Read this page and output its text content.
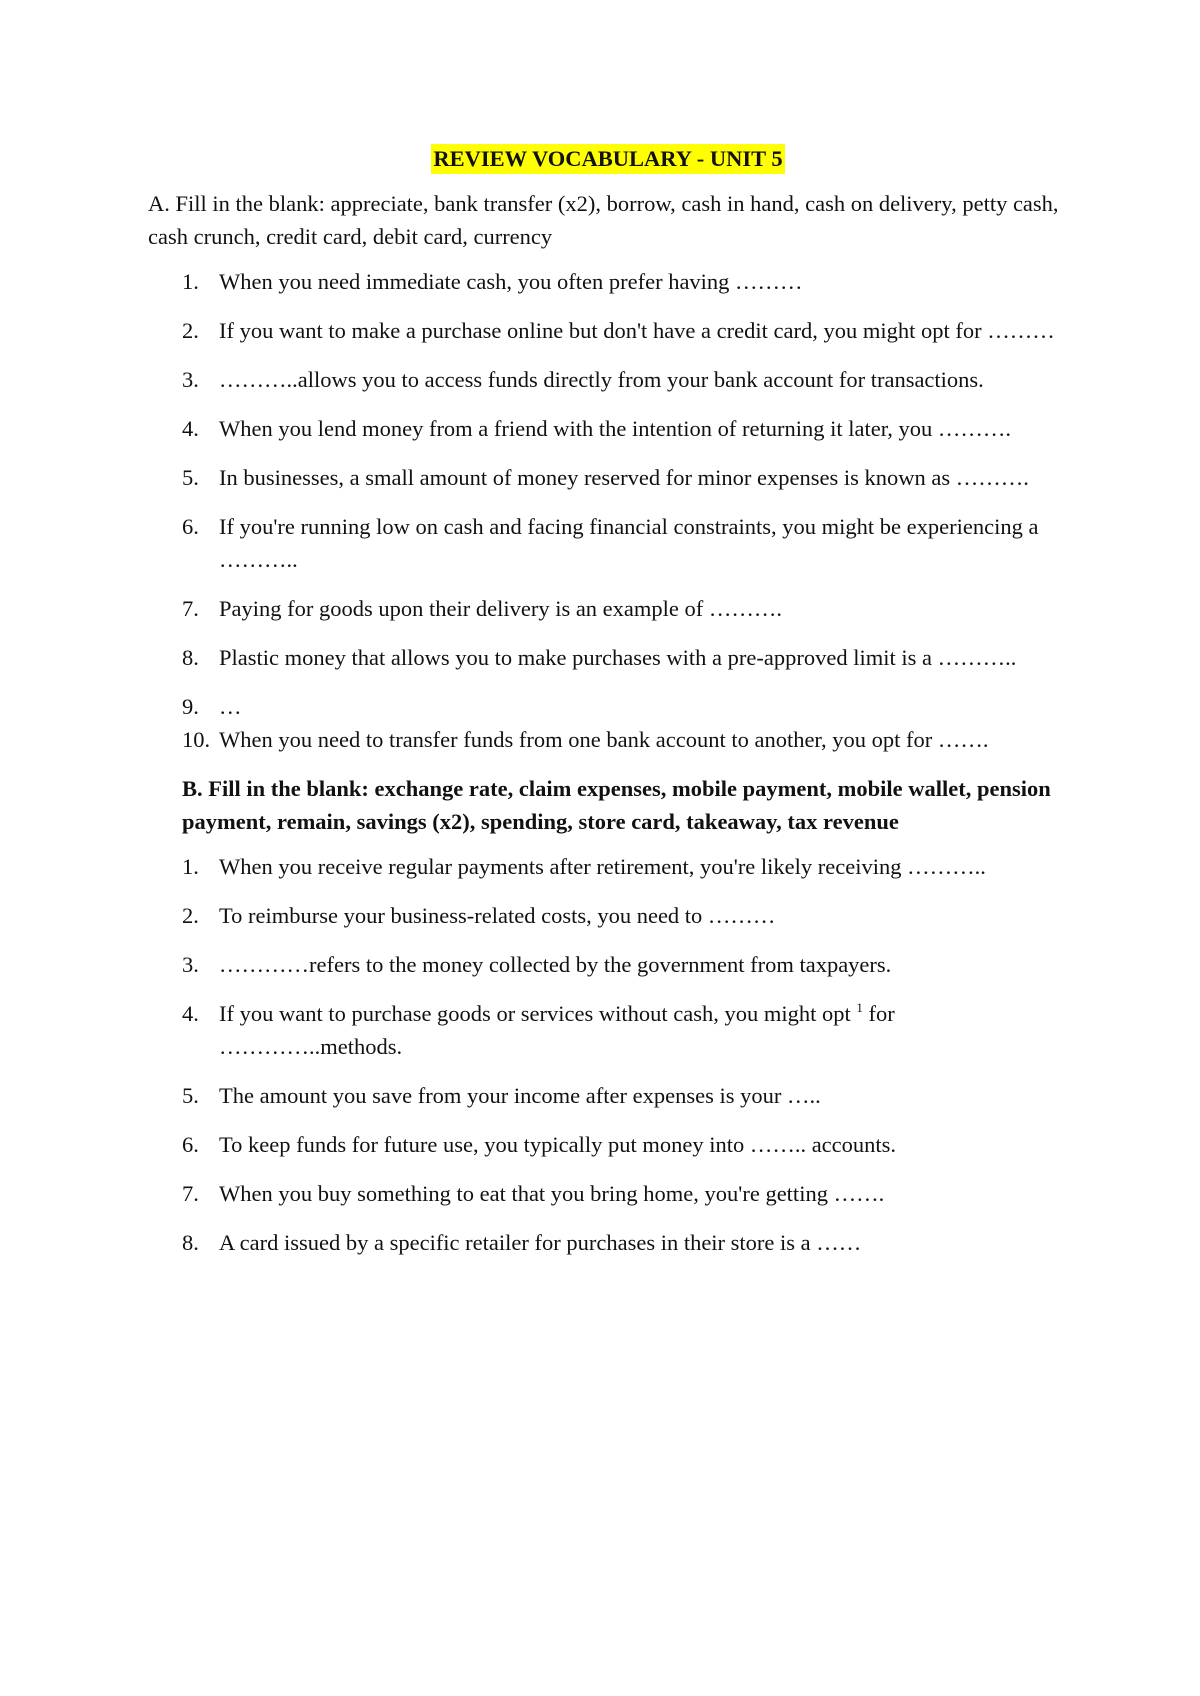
REVIEW VOCABULARY - UNIT 5

A. Fill in the blank: appreciate, bank transfer (x2), borrow, cash in hand, cash on delivery, petty cash, cash crunch, credit card, debit card, currency

1. When you need immediate cash, you often prefer having ………
2. If you want to make a purchase online but don't have a credit card, you might opt for ………
3. ………..allows you to access funds directly from your bank account for transactions.
4. When you lend money from a friend with the intention of returning it later, you ……….
5. In businesses, a small amount of money reserved for minor expenses is known as ……….
6. If you're running low on cash and facing financial constraints, you might be experiencing a ………..
7. Paying for goods upon their delivery is an example of ……….
8. Plastic money that allows you to make purchases with a pre-approved limit is a ………..
9. …
10. When you need to transfer funds from one bank account to another, you opt for …….

B. Fill in the blank: exchange rate, claim expenses, mobile payment, mobile wallet, pension payment, remain, savings (x2), spending, store card, takeaway, tax revenue

1. When you receive regular payments after retirement, you're likely receiving ………..
2. To reimburse your business-related costs, you need to ………
3. …………refers to the money collected by the government from taxpayers.
4. If you want to purchase goods or services without cash, you might opt $^1$ for …………..methods.
5. The amount you save from your income after expenses is your …..
6. To keep funds for future use, you typically put money into …….. accounts.
7. When you buy something to eat that you bring home, you're getting …….
8. A card issued by a specific retailer for purchases in their store is a ……
